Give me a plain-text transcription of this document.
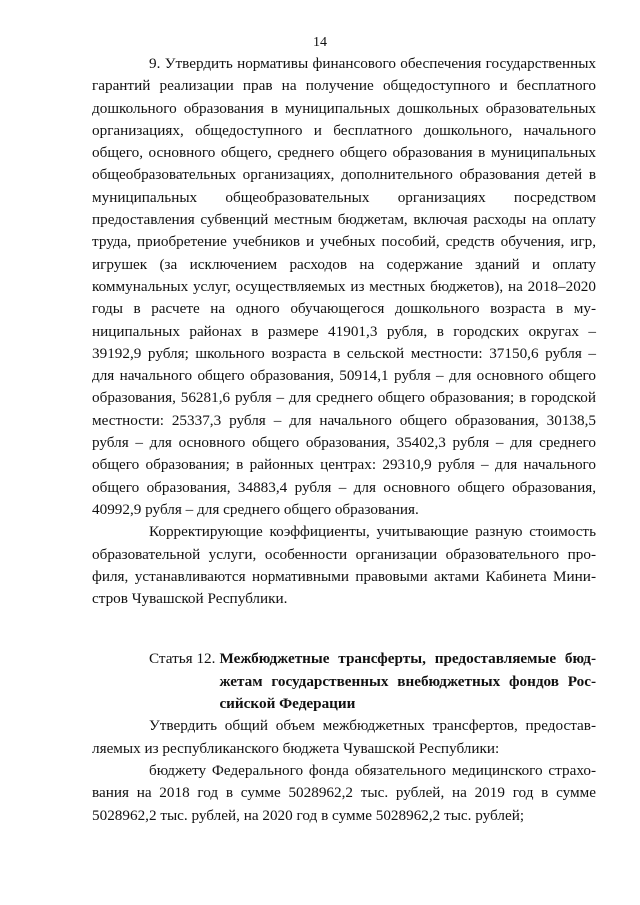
14

9. Утвердить нормативы финансового обеспечения государственных гарантий реализации прав на получение общедоступного и бесплатного дошкольного образования в муниципальных дошкольных образовательных организациях, общедоступного и бесплатного дошкольного, начального общего, основного общего, среднего общего образования в муниципальных общеобразовательных организациях, дополнительного образования детей в муниципальных общеобразовательных организациях посредством предоставления субвенций местным бюджетам, включая расходы на оплату труда, приобретение учебников и учебных пособий, средств обучения, игр, игрушек (за исключением расходов на содержание зданий и оплату коммунальных услуг, осуществляемых из местных бюджетов), на 2018–2020 годы в расчете на одного обучающегося дошкольного возраста в муниципальных районах в размере 41901,3 рубля, в городских округах – 39192,9 рубля; школьного возраста в сельской местности: 37150,6 рубля – для начального общего образования, 50914,1 рубля – для основного общего образования, 56281,6 рубля – для среднего общего образования; в городской местности: 25337,3 рубля – для начального общего образования, 30138,5 рубля – для основного общего образования, 35402,3 рубля – для среднего общего образования; в районных центрах: 29310,9 рубля – для начального общего образования, 34883,4 рубля – для основного общего образования, 40992,9 рубля – для среднего общего образования.

Корректирующие коэффициенты, учитывающие разную стоимость образовательной услуги, особенности организации образовательного профиля, устанавливаются нормативными правовыми актами Кабинета Министров Чувашской Республики.

Статья 12. Межбюджетные трансферты, предоставляемые бюджетам государственных внебюджетных фондов Российской Федерации

Утвердить общий объем межбюджетных трансфертов, предоставляемых из республиканского бюджета Чувашской Республики:

бюджету Федерального фонда обязательного медицинского страхования на 2018 год в сумме 5028962,2 тыс. рублей, на 2019 год в сумме 5028962,2 тыс. рублей, на 2020 год в сумме 5028962,2 тыс. рублей;
